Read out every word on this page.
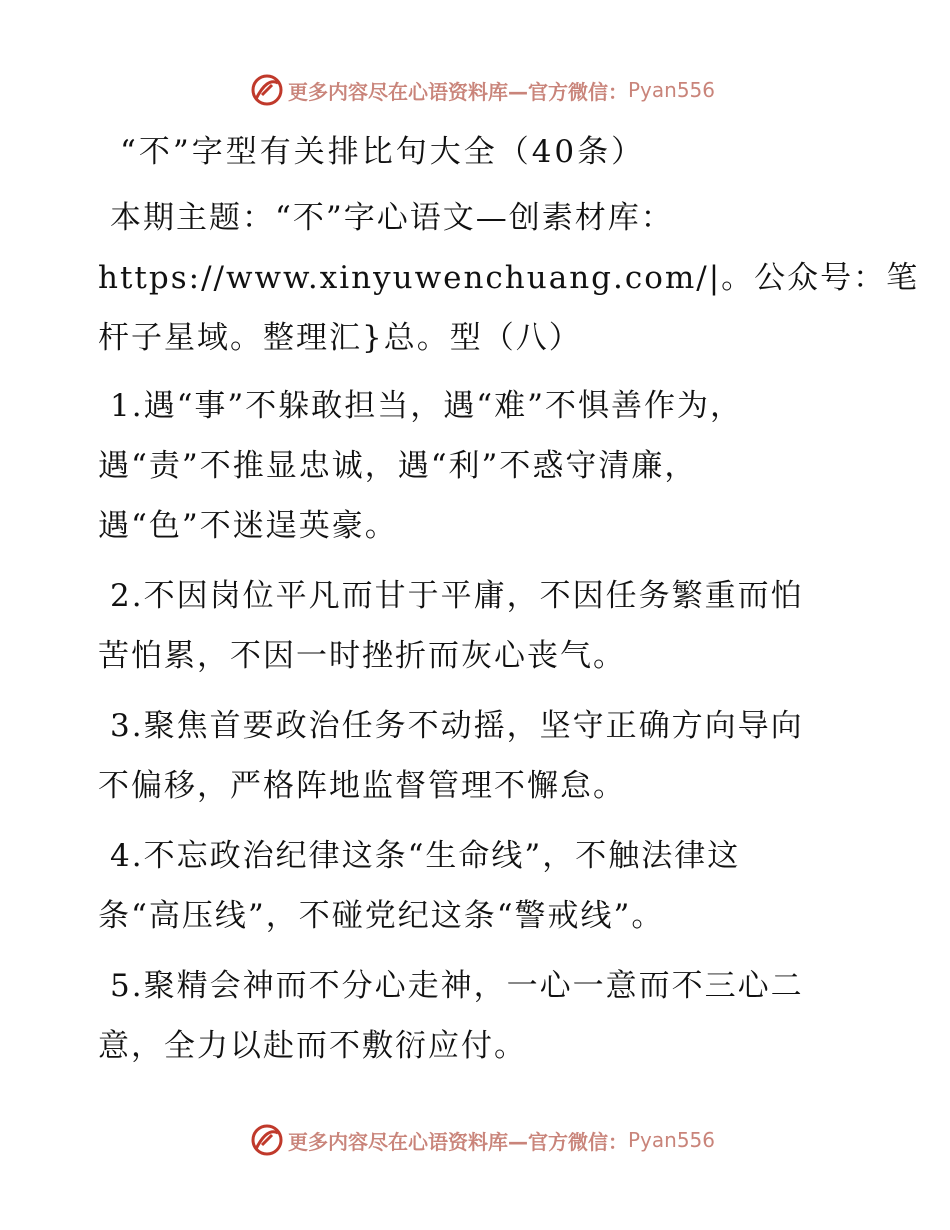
更多内容尽在心语资料库—官方微信： Pyan556
“不”字型有关排比句大全（40条）
本期主题：“不”字心语文—创素材库：
https://www.xinyuwenchuang.com/|。公众号：笔
杆子星域。整理汇}总。型（八）
1.遇“事”不躲敢担当，遇“难”不惧善作为，
遇“责”不推显忠诚，遇“利”不惑守清廉，
遇“色”不迷逞英豪。
2.不因岗位平凡而甘于平庸，不因任务繁重而怕
苦怕累，不因一时挫折而灰心丧气。
3.聚焦首要政治任务不动摇，坚守正确方向导向
不偏移，严格阵地监督管理不懈怠。
4.不忘政治纪律这条“生命线”，不触法律这
条“高压线”，不碰党纪这条“警戒线”。
5.聚精会神而不分心走神，一心一意而不三心二
意，全力以赴而不敷衍应付。
更多内容尽在心语资料库—官方微信： Pyan556
